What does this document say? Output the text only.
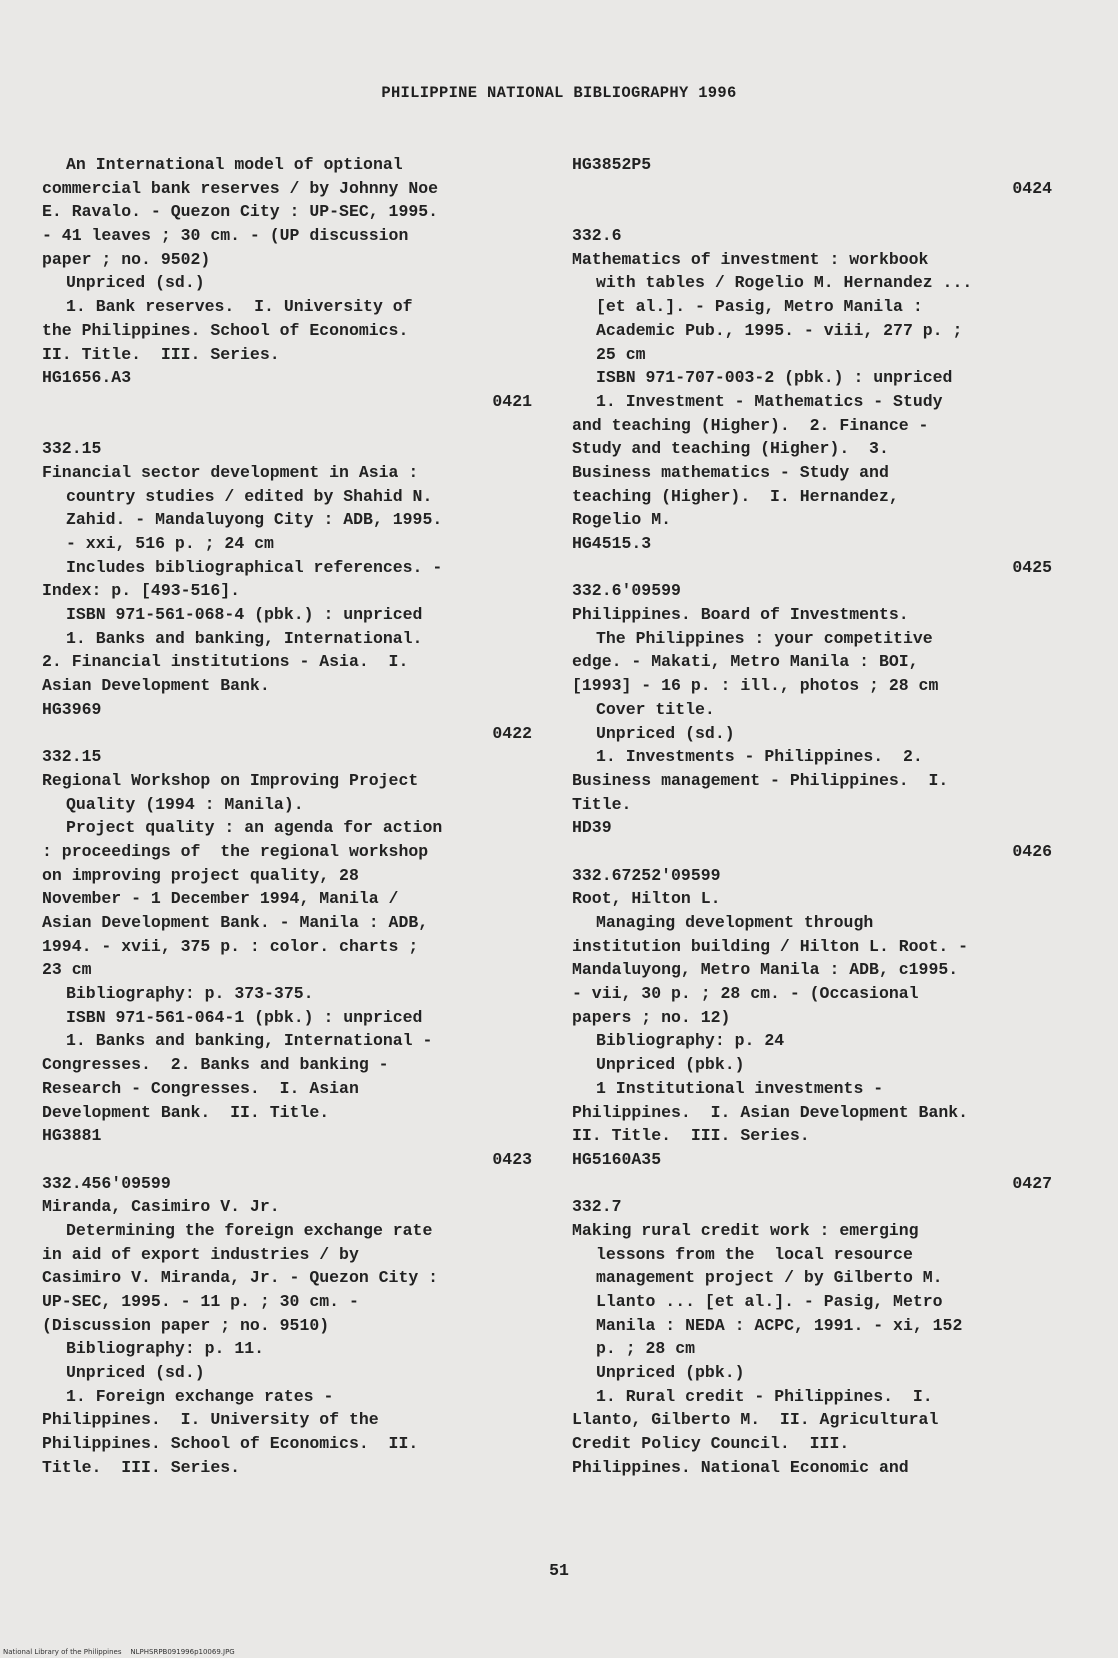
PHILIPPINE NATIONAL BIBLIOGRAPHY 1996
An International model of optional
commercial bank reserves / by Johnny Noe
E. Ravalo. - Quezon City : UP-SEC, 1995.
- 41 leaves ; 30 cm. - (UP discussion
paper ; no. 9502)
Unpriced (sd.)
1. Bank reserves.  I. University of
the Philippines. School of Economics.
II. Title.  III. Series.
HG1656.A3
0421
332.15
Financial sector development in Asia :
country studies / edited by Shahid N.
Zahid. - Mandaluyong City : ADB, 1995.
- xxi, 516 p. ; 24 cm
Includes bibliographical references. -
Index: p. [493-516].
ISBN 971-561-068-4 (pbk.) : unpriced
1. Banks and banking, International.
2. Financial institutions - Asia.  I.
Asian Development Bank.
HG3969
0422
332.15
Regional Workshop on Improving Project
Quality (1994 : Manila).
Project quality : an agenda for action
: proceedings of  the regional workshop
on improving project quality, 28
November - 1 December 1994, Manila /
Asian Development Bank. - Manila : ADB,
1994. - xvii, 375 p. : color. charts ;
23 cm
Bibliography: p. 373-375.
ISBN 971-561-064-1 (pbk.) : unpriced
1. Banks and banking, International -
Congresses.  2. Banks and banking -
Research - Congresses.  I. Asian
Development Bank.  II. Title.
HG3881
0423
332.456'09599
Miranda, Casimiro V. Jr.
Determining the foreign exchange rate
in aid of export industries / by
Casimiro V. Miranda, Jr. - Quezon City :
UP-SEC, 1995. - 11 p. ; 30 cm. -
(Discussion paper ; no. 9510)
Bibliography: p. 11.
Unpriced (sd.)
1. Foreign exchange rates -
Philippines.  I. University of the
Philippines. School of Economics.  II.
Title.  III. Series.
HG3852P5
0424
332.6
Mathematics of investment : workbook
with tables / Rogelio M. Hernandez ...
[et al.]. - Pasig, Metro Manila :
Academic Pub., 1995. - viii, 277 p. ;
25 cm
ISBN 971-707-003-2 (pbk.) : unpriced
1. Investment - Mathematics - Study
and teaching (Higher).  2. Finance -
Study and teaching (Higher).  3.
Business mathematics - Study and
teaching (Higher).  I. Hernandez,
Rogelio M.
HG4515.3
0425
332.6'09599
Philippines. Board of Investments.
The Philippines : your competitive
edge. - Makati, Metro Manila : BOI,
[1993] - 16 p. : ill., photos ; 28 cm
Cover title.
Unpriced (sd.)
1. Investments - Philippines.  2.
Business management - Philippines.  I.
Title.
HD39
0426
332.67252'09599
Root, Hilton L.
Managing development through
institution building / Hilton L. Root. -
Mandaluyong, Metro Manila : ADB, c1995.
- vii, 30 p. ; 28 cm. - (Occasional
papers ; no. 12)
Bibliography: p. 24
Unpriced (pbk.)
1 Institutional investments -
Philippines.  I. Asian Development Bank.
II. Title.  III. Series.
HG5160A35
0427
332.7
Making rural credit work : emerging
lessons from the  local resource
management project / by Gilberto M.
Llanto ... [et al.]. - Pasig, Metro
Manila : NEDA : ACPC, 1991. - xi, 152
p. ; 28 cm
Unpriced (pbk.)
1. Rural credit - Philippines.  I.
Llanto, Gilberto M.  II. Agricultural
Credit Policy Council.  III.
Philippines. National Economic and
51
National Library of the Philippines    NLPHSRPB091996p10069.JPG
